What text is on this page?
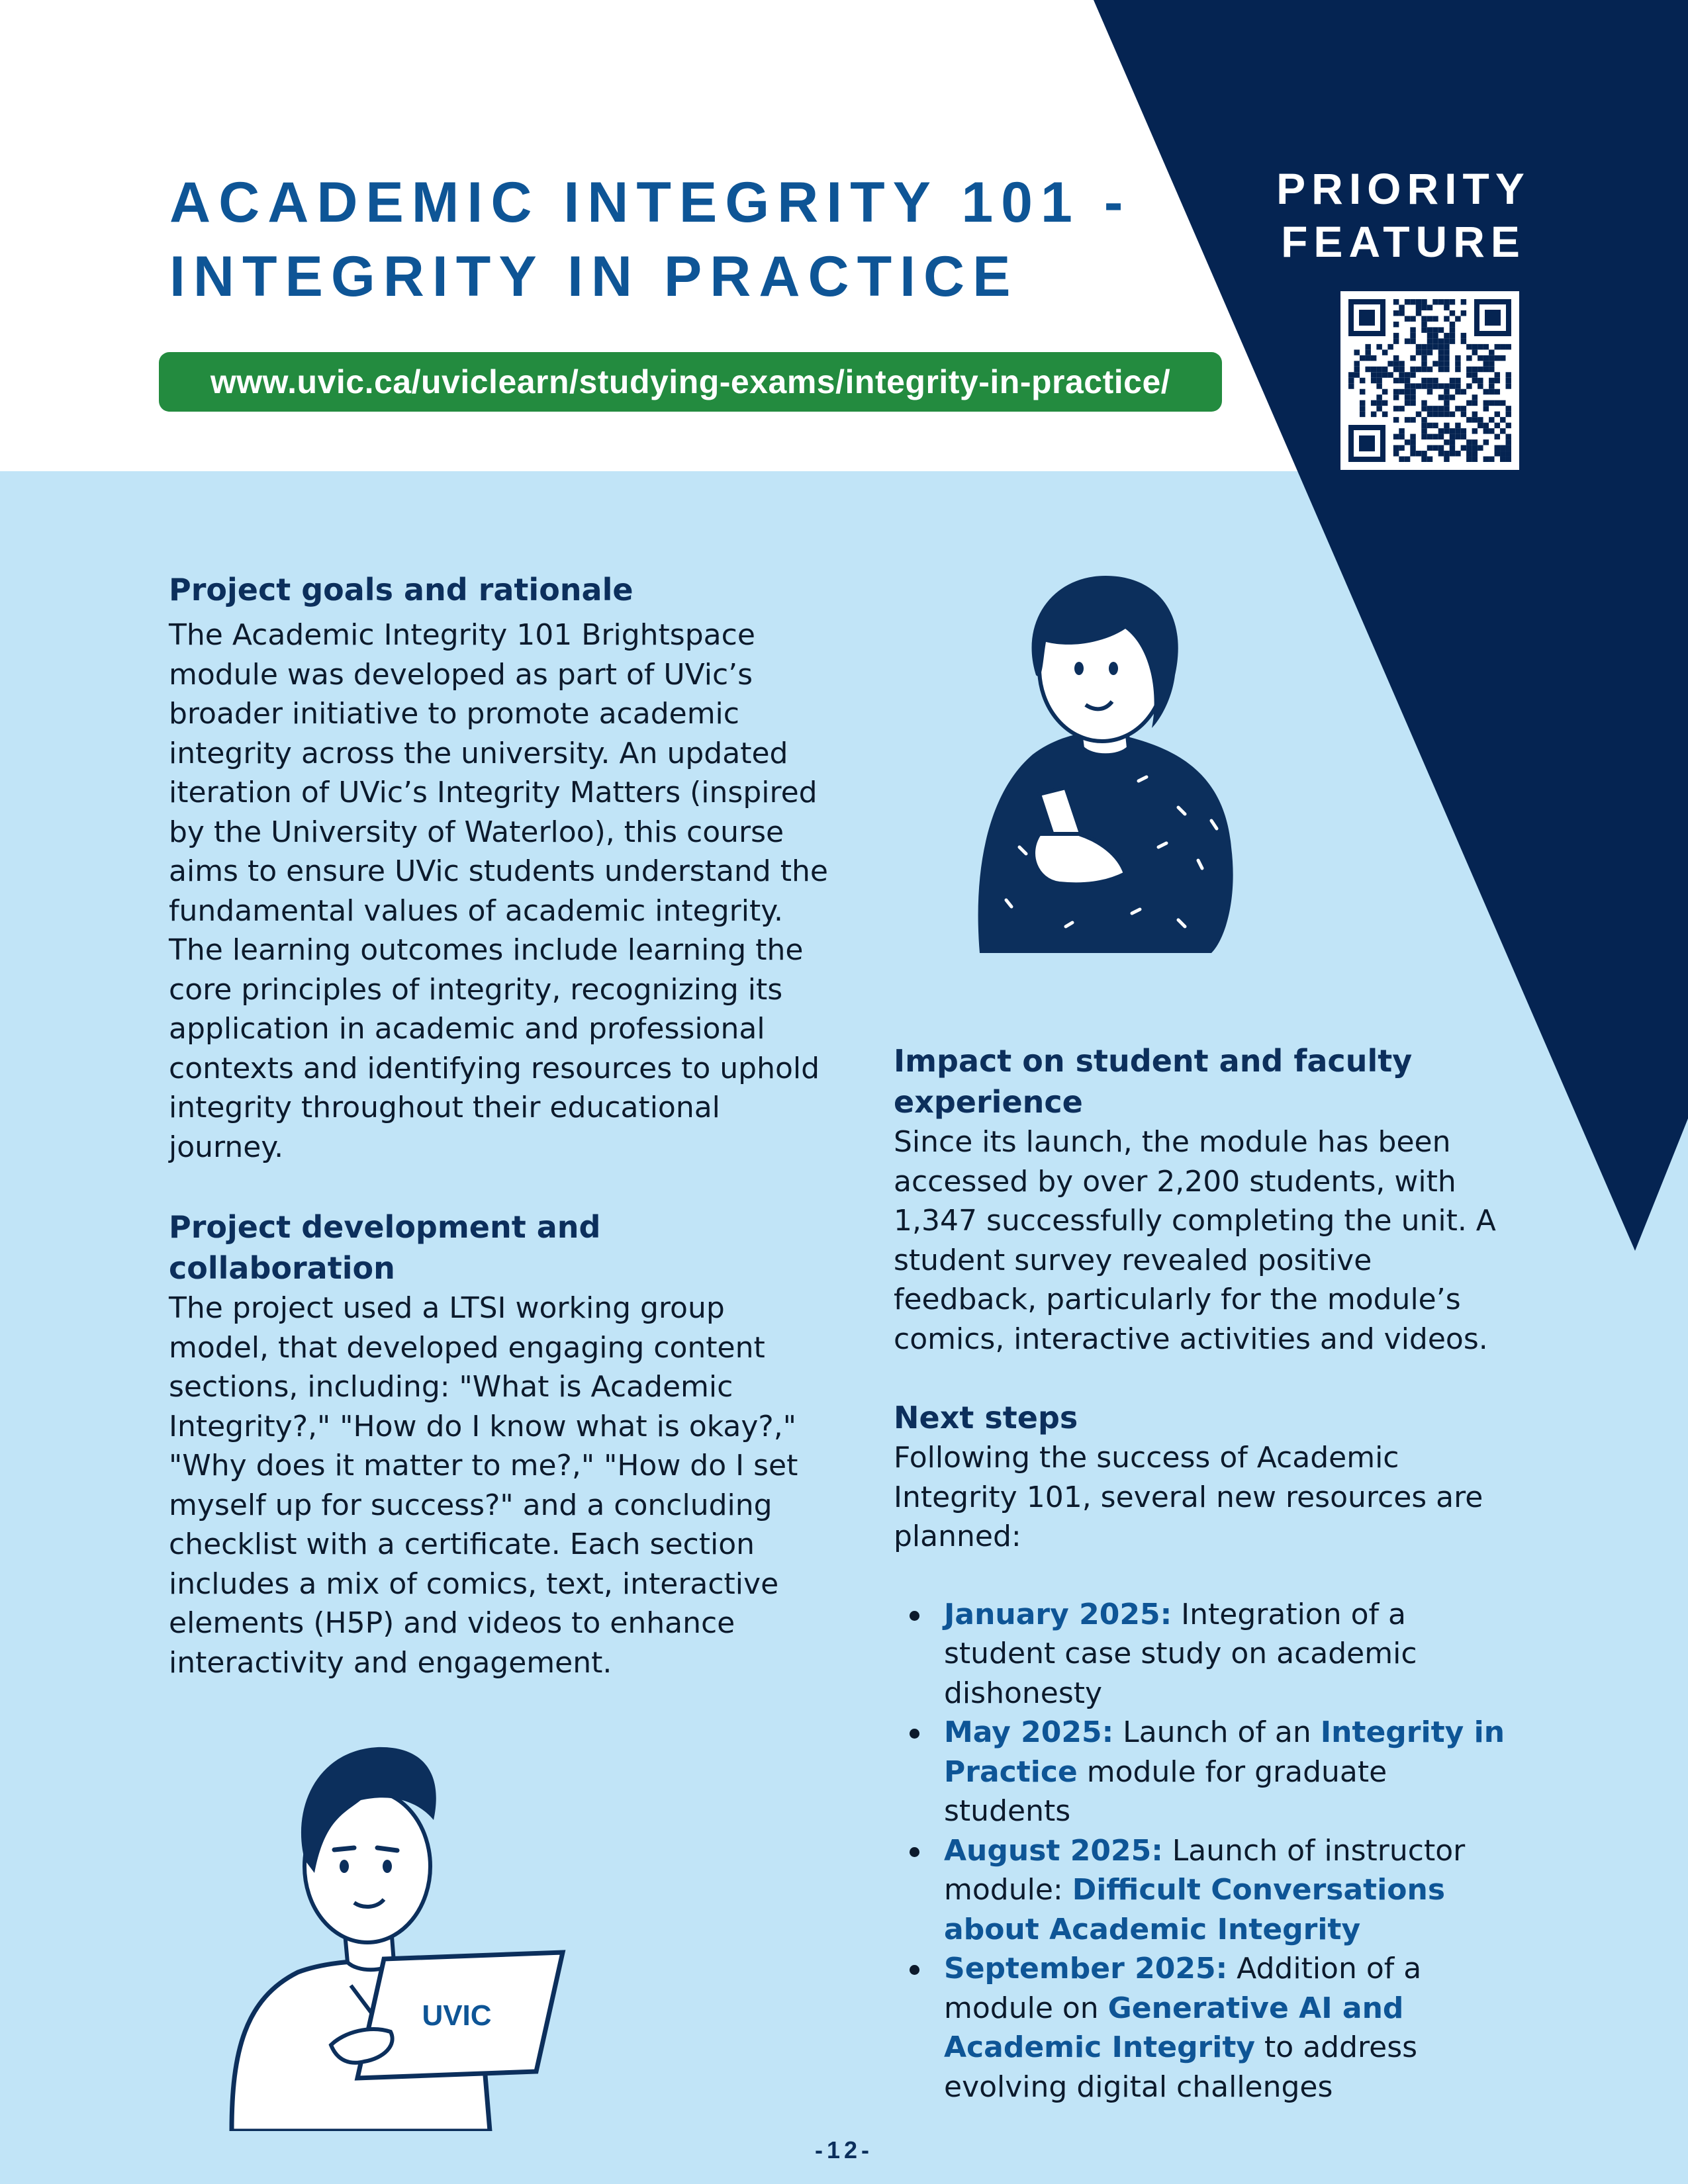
ACADEMIC INTEGRITY 101 -
INTEGRITY IN PRACTICE
www.uvic.ca/uviclearn/studying-exams/integrity-in-practice/
PRIORITY
FEATURE
Project goals and rationale

The Academic Integrity 101 Brightspace module was developed as part of UVic’s broader initiative to promote academic integrity across the university. An updated iteration of UVic’s Integrity Matters (inspired by the University of Waterloo), this course aims to ensure UVic students understand the fundamental values of academic integrity. The learning outcomes include learning the core principles of integrity, recognizing its application in academic and professional contexts and identifying resources to uphold integrity throughout their educational journey.

Project development and collaboration

The project used a LTSI working group model, that developed engaging content sections, including: "What is Academic Integrity?," "How do I know what is okay?," "Why does it matter to me?," "How do I set myself up for success?" and a concluding checklist with a certificate. Each section includes a mix of comics, text, interactive elements (H5P) and videos to enhance interactivity and engagement.

Impact on student and faculty experience

Since its launch, the module has been accessed by over 2,200 students, with 1,347 successfully completing the unit. A student survey revealed positive feedback, particularly for the module’s comics, interactive activities and videos.

Next steps

Following the success of Academic Integrity 101, several new resources are planned:

January 2025: Integration of a student case study on academic dishonesty
May 2025: Launch of an Integrity in Practice module for graduate students
August 2025: Launch of instructor module: Difficult Conversations about Academic Integrity
September 2025: Addition of a module on Generative AI and Academic Integrity to address evolving digital challenges
UVIC
-12-
